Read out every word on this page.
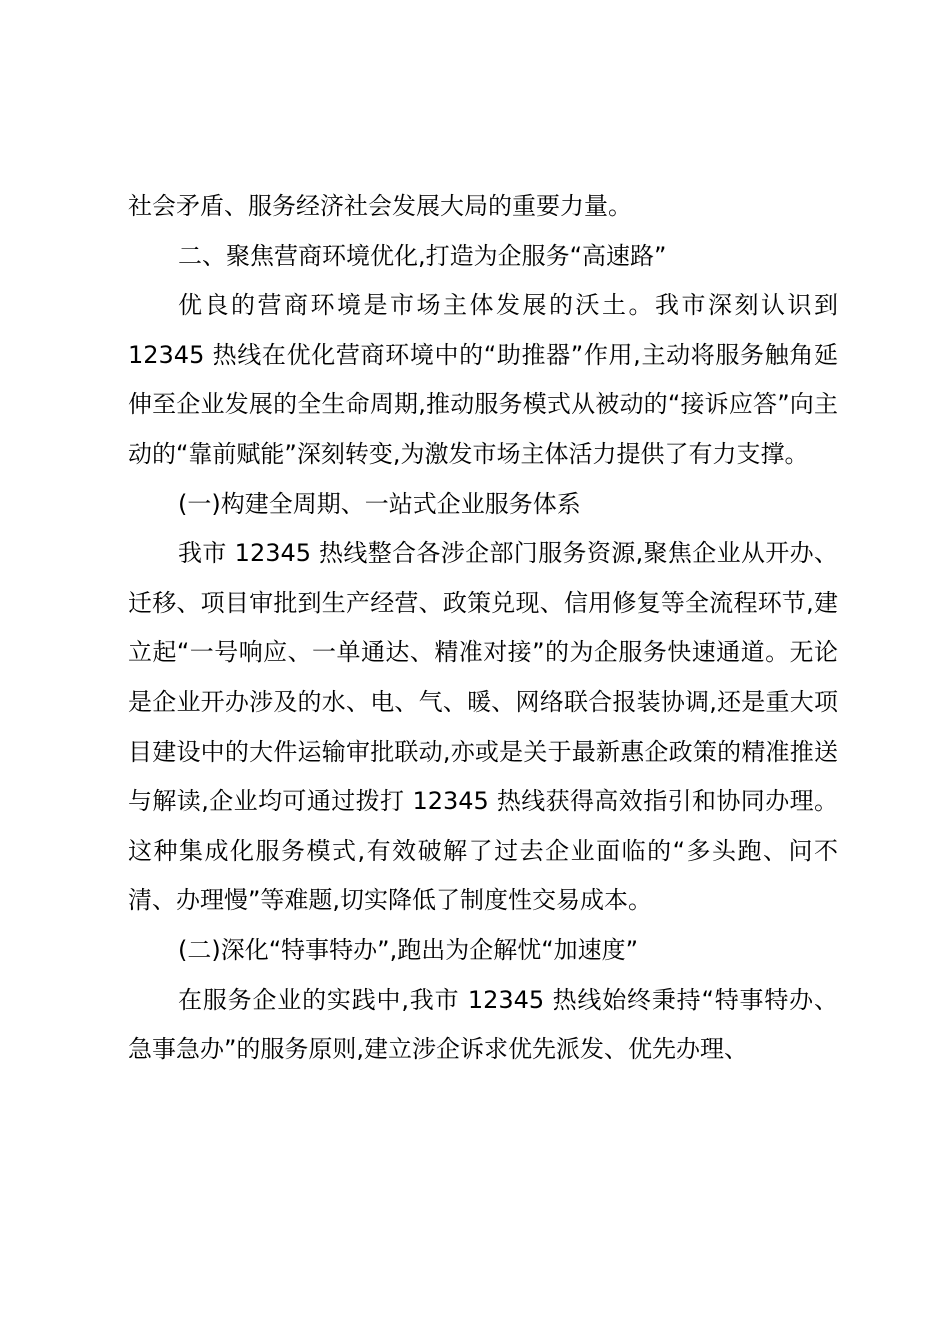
社会矛盾、服务经济社会发展大局的重要力量。

二、聚焦营商环境优化,打造为企服务“高速路”

优良的营商环境是市场主体发展的沃土。我市深刻认识到12345 热线在优化营商环境中的“助推器”作用,主动将服务触角延伸至企业发展的全生命周期,推动服务模式从被动的“接诉应答”向主动的“靠前赋能”深刻转变,为激发市场主体活力提供了有力支撑。

(一)构建全周期、一站式企业服务体系

我市 12345 热线整合各涉企部门服务资源,聚焦企业从开办、迁移、项目审批到生产经营、政策兑现、信用修复等全流程环节,建立起“一号响应、一单通达、精准对接”的为企服务快速通道。无论是企业开办涉及的水、电、气、暖、网络联合报装协调,还是重大项目建设中的大件运输审批联动,亦或是关于最新惠企政策的精准推送与解读,企业均可通过拨打 12345 热线获得高效指引和协同办理。这种集成化服务模式,有效破解了过去企业面临的“多头跑、问不清、办理慢”等难题,切实降低了制度性交易成本。

(二)深化“特事特办”,跑出为企解忧“加速度”

在服务企业的实践中,我市 12345 热线始终秉持“特事特办、急事急办”的服务原则,建立涉企诉求优先派发、优先办理、
